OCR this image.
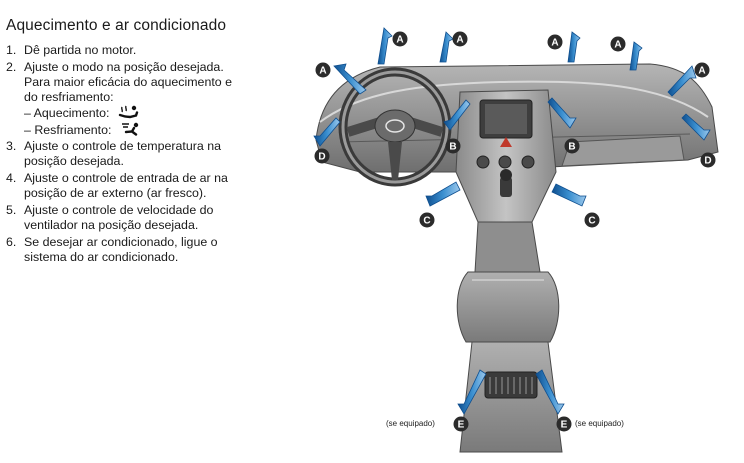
Aquecimento e ar condicionado
1. Dê partida no motor.
2. Ajuste o modo na posição desejada.
Para maior eficácia do aquecimento e
do resfriamento:
– Aquecimento:
– Resfriamento:
3. Ajuste o controle de temperatura na
posição desejada.
4. Ajuste o controle de entrada de ar na
posição de ar externo (ar fresco).
5. Ajuste o controle de velocidade do
ventilador na posição desejada.
6. Se desejar ar condicionado, ligue o
sistema do ar condicionado.
A	A	A	A
A	A
B	B
D	D
C	C
E	E
(se equipado)	(se equipado)
